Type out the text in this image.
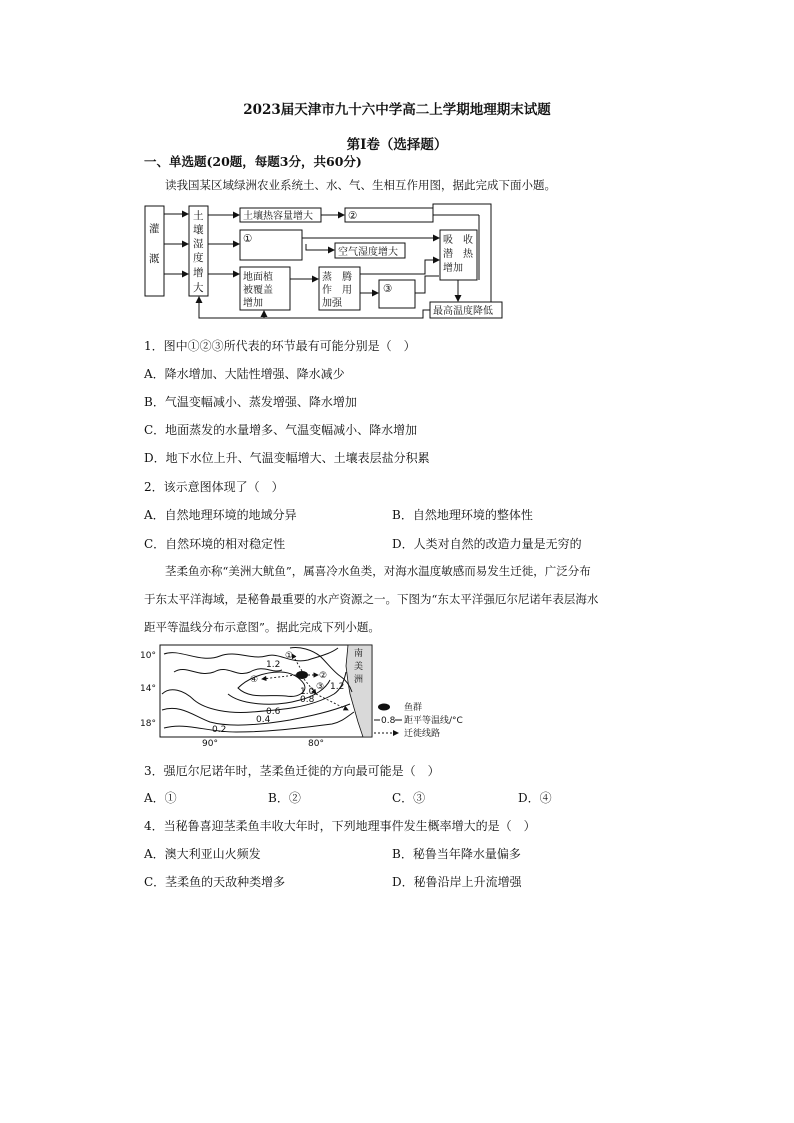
2023届天津市九十六中学高二上学期地理期末试题
第Ⅰ卷（选择题）
一、单选题(20题，每题3分，共60分)
读我国某区域绿洲农业系统土、水、气、生相互作用图，据此完成下面小题。
灌
溉
土
壤
湿
度
增
大
土壤热容量增大	②
①
空气湿度增大
吸　收
潜　热
增加
地面植
被覆盖
增加
蒸　腾
作　用
加强
③
最高温度降低
1．图中①②③所代表的环节最有可能分别是（　）
A．降水增加、大陆性增强、降水减少
B．气温变幅减小、蒸发增强、降水增加
C．地面蒸发的水量增多、气温变幅减小、降水增加
D．地下水位上升、气温变幅增大、土壤表层盐分积累
2．该示意图体现了（　）
A．自然地理环境的地域分异	B．自然地理环境的整体性
C．自然环境的相对稳定性	D．人类对自然的改造力量是无穷的
茎柔鱼亦称“美洲大鱿鱼”，属喜冷水鱼类，对海水温度敏感而易发生迁徙，广泛分布
于东太平洋海域，是秘鲁最重要的水产资源之一。下图为“东太平洋强厄尔尼诺年表层海水
距平等温线分布示意图”。据此完成下列小题。
10°
14°
18°
90°	80°
1.2
1.0
0.8
0.6
0.4
0.2
1.2
①
②
③
④
南
美
洲
鱼群
0.8 距平等温线/°C
迁徙线路
3．强厄尔尼诺年时，茎柔鱼迁徙的方向最可能是（　）
A．①	B．②	C．③	D．④
4．当秘鲁喜迎茎柔鱼丰收大年时，下列地理事件发生概率增大的是（　）
A．澳大利亚山火频发	B．秘鲁当年降水量偏多
C．茎柔鱼的天敌种类增多	D．秘鲁沿岸上升流增强
